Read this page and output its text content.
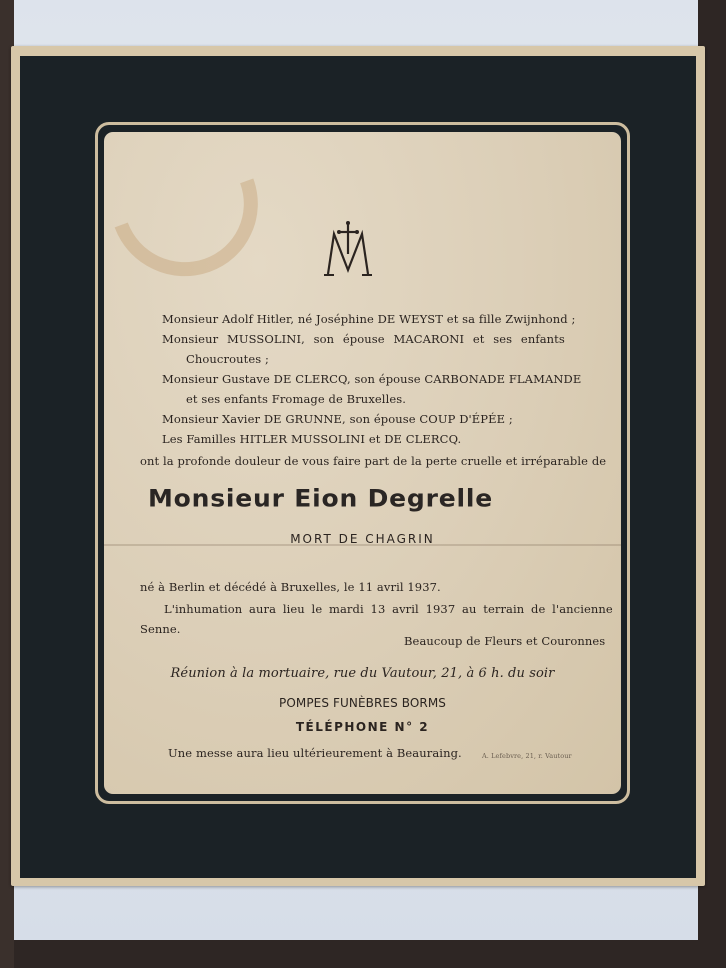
Monsieur Adolf Hitler, né Joséphine DE WEYST et sa fille Zwijnhond ;
Monsieur MUSSOLINI, son épouse MACARONI et ses enfants
Choucroutes ;
Monsieur Gustave DE CLERCQ, son épouse CARBONADE FLAMANDE
et ses enfants Fromage de Bruxelles.
Monsieur Xavier DE GRUNNE, son épouse COUP D'ÉPÉE ;
Les Familles HITLER MUSSOLINI et DE CLERCQ.
ont la profonde douleur de vous faire part de la perte cruelle et irréparable de
Monsieur Eion Degrelle
MORT DE CHAGRIN
né à Berlin et décédé à Bruxelles, le 11 avril 1937.
L'inhumation aura lieu le mardi 13 avril 1937 au terrain de l'ancienne
Senne.
Beaucoup de Fleurs et Couronnes
Réunion à la mortuaire, rue du Vautour, 21, à 6 h. du soir
POMPES FUNÈBRES BORMS
TÉLÉPHONE N° 2
Une messe aura lieu ultérieurement à Beauraing.	A. Lefebvre, 21, r. Vautour
